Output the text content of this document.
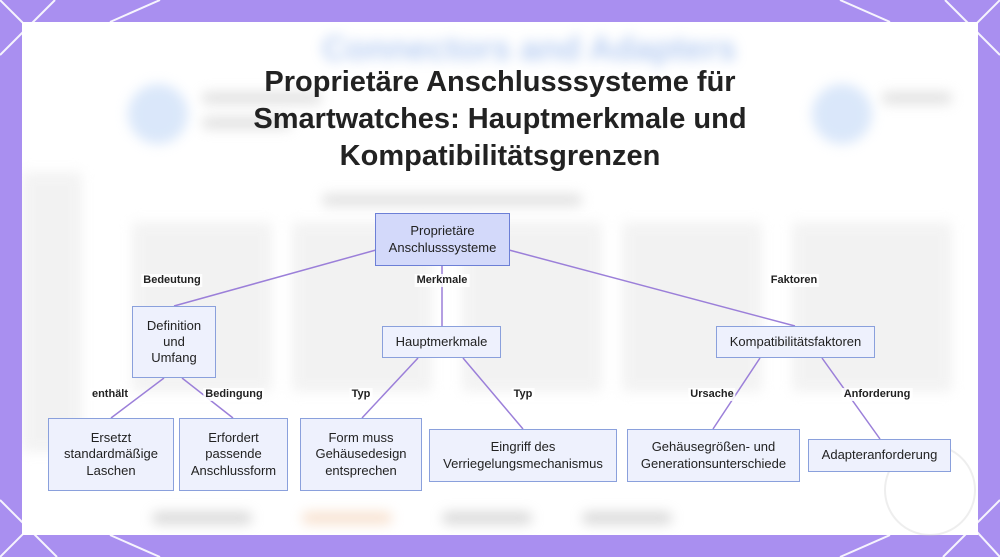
Connectors and Adapters
Proprietäre Anschlusssysteme für
Smartwatches: Hauptmerkmale und
Kompatibilitätsgrenzen
Proprietäre
Anschlusssysteme
Definition
und
Umfang
Hauptmerkmale	Kompatibilitätsfaktoren
Ersetzt
standardmäßige
Laschen
Erfordert
passende
Anschlussform
Form muss
Gehäusedesign
entsprechen
Eingriff des
Verriegelungsmechanismus
Gehäusegrößen- und
Generationsunterschiede
Adapteranforderung
Bedeutung	Merkmale	Faktoren
enthält	Bedingung	Typ	Typ	Ursache	Anforderung
